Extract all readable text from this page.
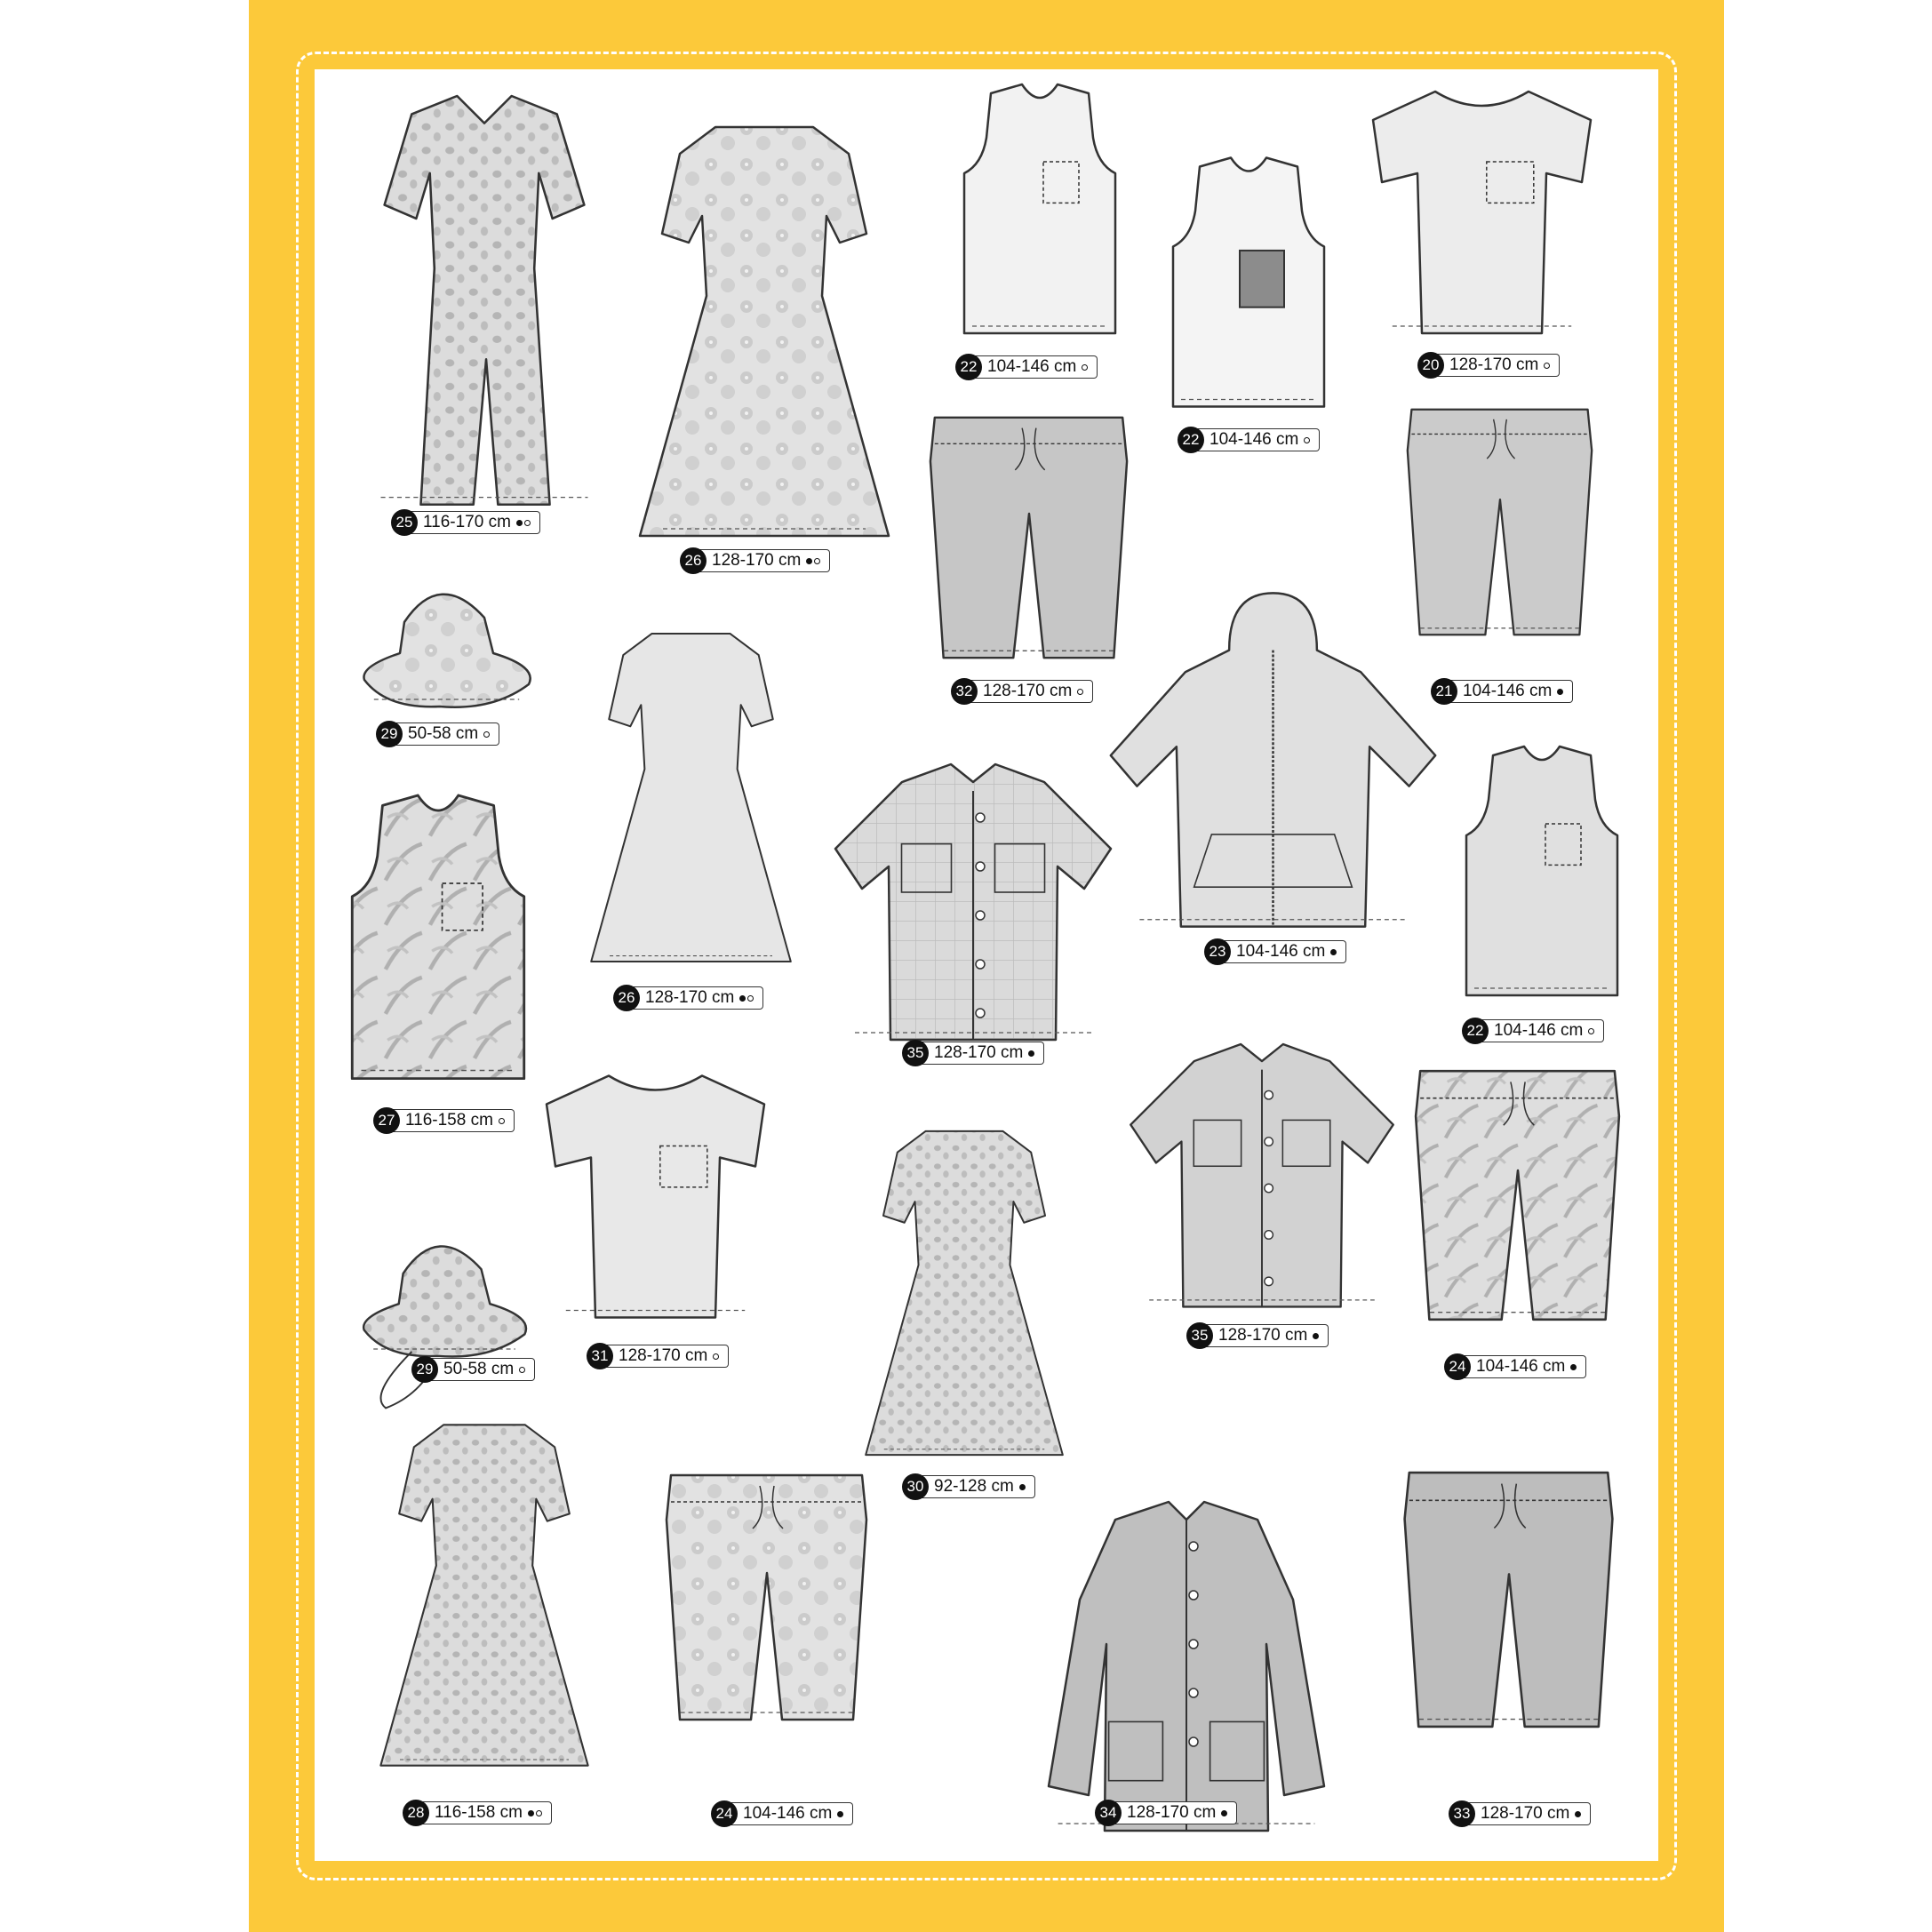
25 116-170 cm
26 128-170 cm
22 104-146 cm
22 104-146 cm
20 128-170 cm
32 128-170 cm	21 104-146 cm
29 50-58 cm
26 128-170 cm
35 128-170 cm
23 104-146 cm
22 104-146 cm
27 116-158 cm
31 128-170 cm
30 92-128 cm
35 128-170 cm
24 104-146 cm
29 50-58 cm
28 116-158 cm	24 104-146 cm	34 128-170 cm	33 128-170 cm
